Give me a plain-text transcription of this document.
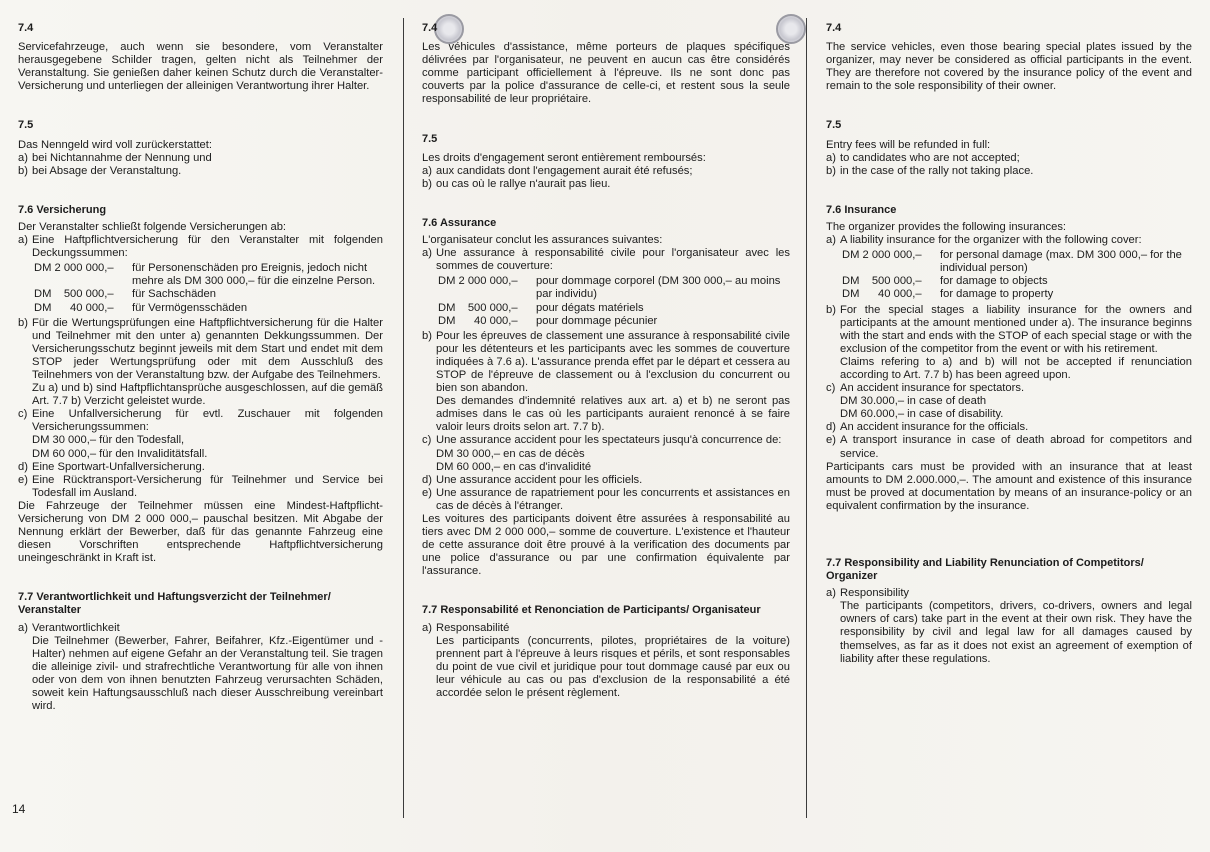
7.4

Servicefahrzeuge, auch wenn sie besondere, vom Veranstalter herausgegebene Schilder tragen, gelten nicht als Teilnehmer der Veranstaltung. Sie genießen daher keinen Schutz durch die Veranstalter-Versicherung und unterliegen der alleinigen Verantwortung ihrer Halter.

7.5

Das Nenngeld wird voll zurückerstattet:

a) bei Nichtannahme der Nennung und
b) bei Absage der Veranstaltung.
7.6 Versicherung

Der Veranstalter schließt folgende Versicherungen ab:

a) Eine Haftpflichtversicherung für den Veranstalter mit folgenden Deckungssummen:
DM 2 000 000,–	für Personenschäden pro Ereignis, jedoch nicht mehre als DM 300 000,– für die einzelne Person.
DM    500 000,–	für Sachschäden
DM      40 000,–	für Vermögensschäden
b) Für die Wertungsprüfungen eine Haftpflichtversicherung für die Halter und Teilnehmer mit den unter a) genannten Dekkungssummen. Der Versicherungsschutz beginnt jeweils mit dem Start und endet mit dem STOP jeder Wertungsprüfung oder mit dem Ausschluß des Teilnehmers von der Veranstaltung bzw. der Aufgabe des Teilnehmers.

Zu a) und b) sind Haftpflichtansprüche ausgeschlossen, auf die gemäß Art. 7.7 b) Verzicht geleistet wurde.

c) Eine Unfallversicherung für evtl. Zuschauer mit folgenden Versicherungssummen:

DM 30 000,– für den Todesfall,

DM 60 000,– für den Invaliditätsfall.

d) Eine Sportwart-Unfallversicherung.
e) Eine Rücktransport-Versicherung für Teilnehmer und Service bei Todesfall im Ausland.

Die Fahrzeuge der Teilnehmer müssen eine Mindest-Haftpflicht-Versicherung von DM 2 000 000,– pauschal besitzen. Mit Abgabe der Nennung erklärt der Bewerber, daß für das genannte Fahrzeug eine diesen Vorschriften entsprechende Haftpflichtversicherung uneingeschränkt in Kraft ist.

7.7 Verantwortlichkeit und Haftungsverzicht der Teilnehmer/ Veranstalter
a) Verantwortlichkeit

Die Teilnehmer (Bewerber, Fahrer, Beifahrer, Kfz.-Eigentümer und -Halter) nehmen auf eigene Gefahr an der Veranstaltung teil. Sie tragen die alleinige zivil- und strafrechtliche Verantwortung für alle von ihnen oder von dem von ihnen benutzten Fahrzeug verursachten Schäden, soweit kein Haftungsausschluß nach dieser Ausschreibung vereinbart wird.

7.4

Les véhicules d'assistance, même porteurs de plaques spécifiques délivrées par l'organisateur, ne peuvent en aucun cas être considérés comme participant officiellement à l'épreuve. Ils ne sont donc pas couverts par la police d'assurance de celle-ci, et restent sous la seule responsabilité de leur propriétaire.

7.5

Les droits d'engagement seront entièrement remboursés:

a) aux candidats dont l'engagement aurait été refusés;
b) ou cas où le rallye n'aurait pas lieu.
7.6 Assurance

L'organisateur conclut les assurances suivantes:

a) Une assurance à responsabilité civile pour l'organisateur avec les sommes de couverture:
DM 2 000 000,–	pour dommage corporel (DM 300 000,– au moins par individu)
DM    500 000,–	pour dégats matériels
DM      40 000,–	pour dommage pécunier
b) Pour les épreuves de classement une assurance à responsabilité civile pour les détenteurs et les participants avec les sommes de couverture indiquées à 7.6 a). L'assurance prenda effet par le départ et cessera au STOP de l'épreuve de classement ou à l'exclusion du concurrent ou bien son abandon.

Des demandes d'indemnité relatives aux art. a) et b) ne seront pas admises dans le cas où les participants auraient renoncé à se faire valoir leurs droits selon art. 7.7 b).

c) Une assurance accident pour les spectateurs jusqu'à concurrence de:

DM 30 000,– en cas de décès

DM 60 000,– en cas d'invalidité

d) Une assurance accident pour les officiels.
e) Une assurance de rapatriement pour les concurrents et assistances en cas de décès à l'étranger.

Les voitures des participants doivent être assurées à responsabilité au tiers avec DM 2 000 000,– somme de couverture. L'existence et l'hauteur de cette assurance doit être prouvé à la verification des documents par une police d'assurance ou par une confirmation équivalente par l'assurance.

7.7 Responsabilité et Renonciation de Participants/ Organisateur
a) Responsabilité

Les participants (concurrents, pilotes, propriétaires de la voiture) prennent part à l'épreuve à leurs risques et périls, et sont responsables du point de vue civil et juridique pour tout dommage causé par eux ou leur véhicule au cas ou pas d'exclusion de la responsabilité a été accordée selon le présent règlement.

7.4

The service vehicles, even those bearing special plates issued by the organizer, may never be considered as official participants in the event. They are therefore not covered by the insurance policy of the event and remain to the sole responsibility of their owner.

7.5

Entry fees will be refunded in full:

a) to candidates who are not accepted;
b) in the case of the rally not taking place.
7.6 Insurance

The organizer provides the following insurances:

a) A liability insurance for the organizer with the following cover:
DM 2 000 000,–	for personal damage (max. DM 300 000,– for the individual person)
DM    500 000,–	for damage to objects
DM      40 000,–	for damage to property
b) For the special stages a liability insurance for the owners and participants at the amount mentioned under a). The insurance beginns with the start and ends with the STOP of each special stage or with the exclusion of the competitor from the event or with his retirement.

Claims refering to a) and b) will not be accepted if renunciation according to Art. 7.7 b) has been agreed upon.

c) An accident insurance for spectators.

DM 30.000,– in case of death

DM 60.000,– in case of disability.

d) An accident insurance for the officials.
e) A transport insurance in case of death abroad for competitors and service.

Participants cars must be provided with an insurance that at least amounts to DM 2.000.000,–. The amount and existence of this insurance must be proved at documentation by means of an insurance-policy or an equivalent confirmation by the insurance.

7.7 Responsibility and Liability Renunciation of Competitors/ Organizer
a) Responsibility

The participants (competitors, drivers, co-drivers, owners and legal owners of cars) take part in the event at their own risk. They have the responsibility by civil and legal law for all damages caused by themselves, as far as it does not exist an agreement of exemption of liability after these regulations.

14
